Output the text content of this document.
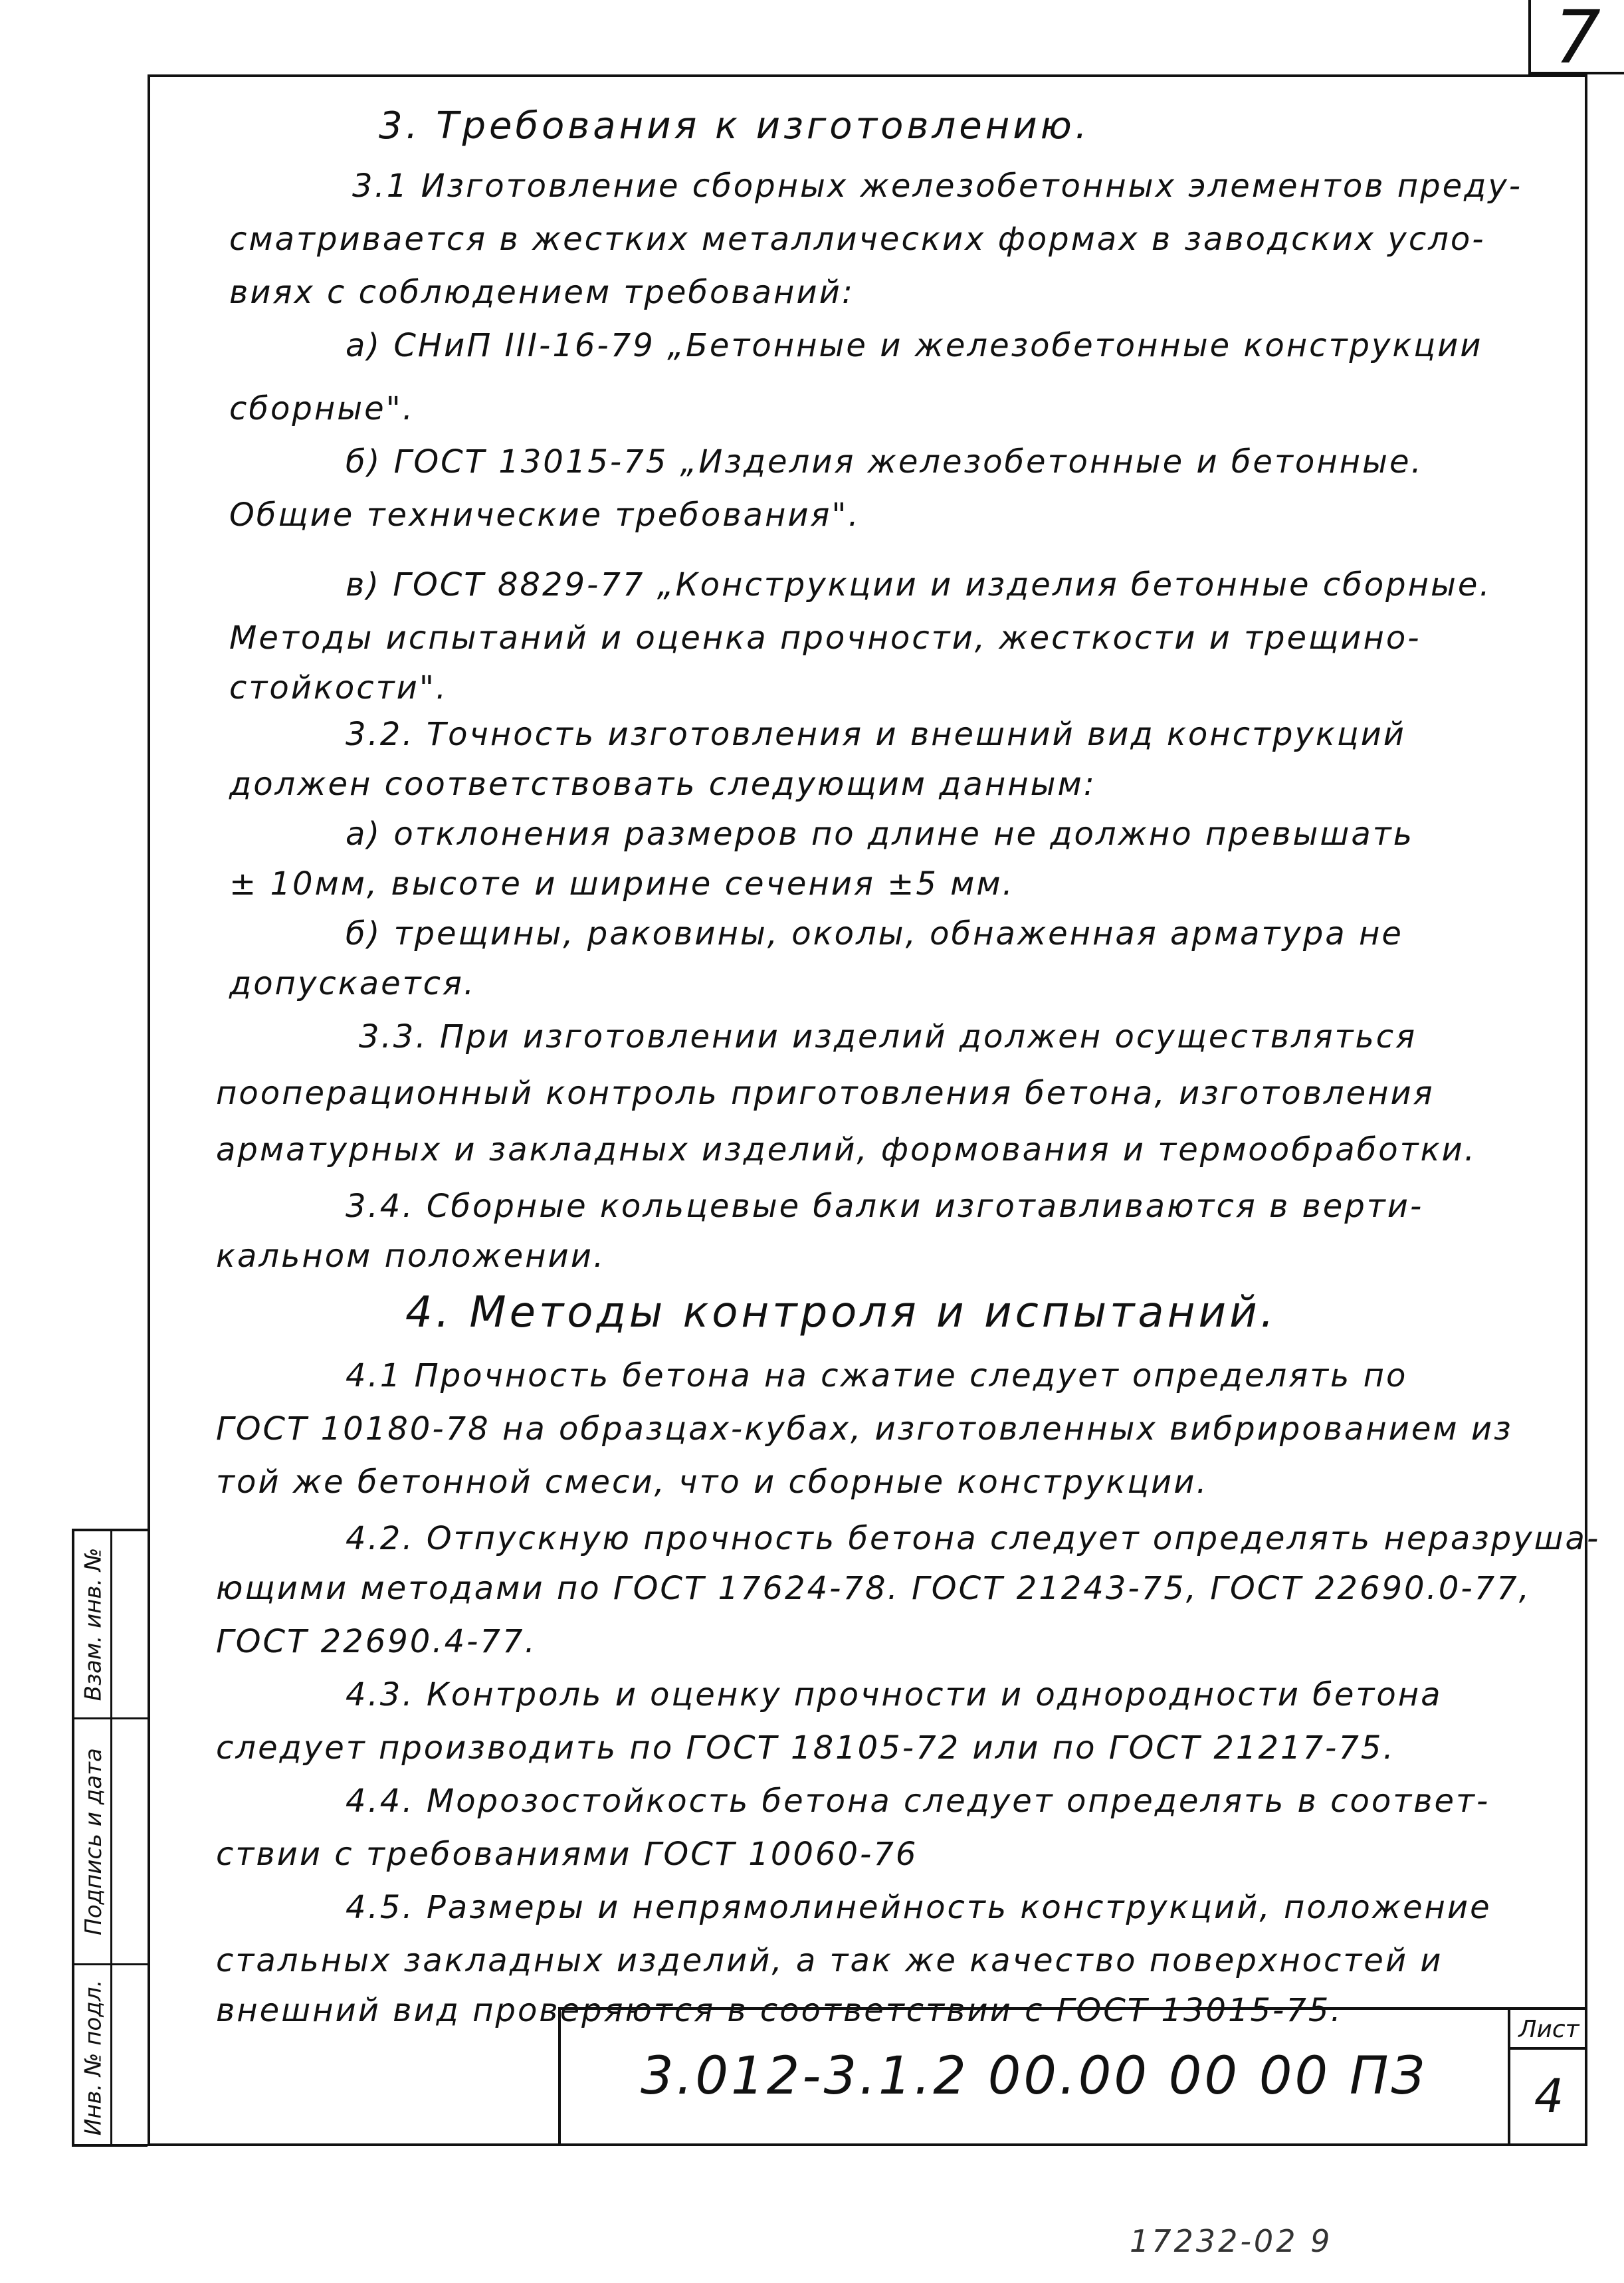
7
3. Требования к изготовлению.
3.1 Изготовление сборных железобетонных элементов преду-
сматривается в жестких металлических формах в заводских усло-
виях с соблюдением требований:
а) СНиП III-16-79 „Бетонные и железобетонные конструкции
сборные".
б) ГОСТ 13015-75 „Изделия железобетонные и бетонные.
Общие технические требования".
в) ГОСТ 8829-77 „Конструкции и изделия бетонные сборные.
Методы испытаний и оценка прочности, жесткости и трещино-
стойкости".
3.2. Точность изготовления и внешний вид конструкций
должен соответствовать следующим данным:
а) отклонения размеров по длине не должно превышать
± 10мм, высоте и ширине сечения ±5 мм.
б) трещины, раковины, околы, обнаженная арматура не
допускается.
3.3. При изготовлении изделий должен осуществляться
пооперационный контроль приготовления бетона, изготовления
арматурных и закладных изделий, формования и термообработки.
3.4. Сборные кольцевые балки изготавливаются в верти-
кальном положении.
4. Методы контроля и испытаний.
4.1 Прочность бетона на сжатие следует определять по
ГОСТ 10180-78 на образцах-кубах, изготовленных вибрированием из
той же бетонной смеси, что и сборные конструкции.
4.2. Отпускную прочность бетона следует определять неразруша-
ющими методами по ГОСТ 17624-78. ГОСТ 21243-75, ГОСТ 22690.0-77,
ГОСТ 22690.4-77.
4.3. Контроль и оценку прочности и однородности бетона
следует производить по ГОСТ 18105-72 или по ГОСТ 21217-75.
4.4. Морозостойкость бетона следует определять в соответ-
ствии с требованиями ГОСТ 10060-76
4.5. Размеры и непрямолинейность конструкций, положение
стальных закладных изделий, а так же качество поверхностей и
внешний вид проверяются в соответствии с ГОСТ 13015-75.
Взам. инв. №
Подпись и дата
Инв. № подл.	3.012-3.1.2 00.00 00 00 ПЗ
Лист
4
17232-02 9
